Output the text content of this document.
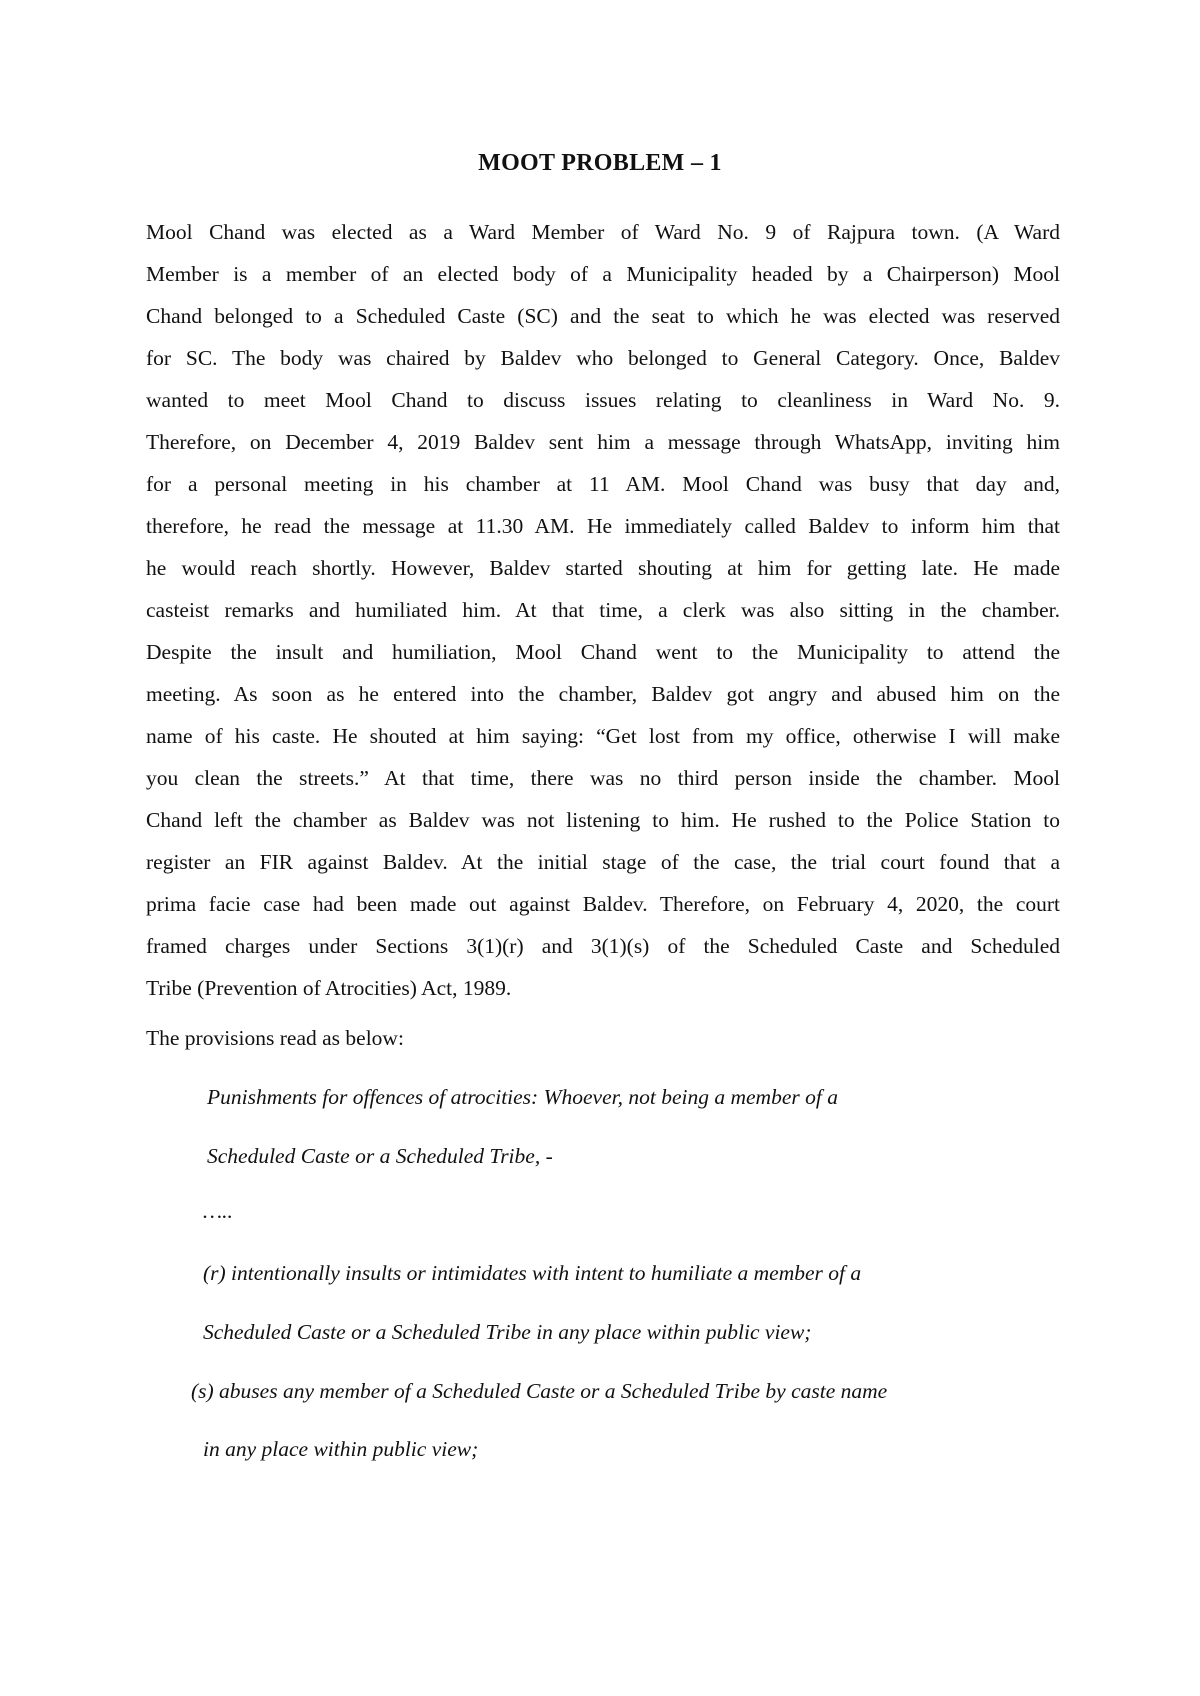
MOOT PROBLEM – 1
Mool Chand was elected as a Ward Member of Ward No. 9 of Rajpura town. (A Ward
Member is a member of an elected body of a Municipality headed by a Chairperson) Mool
Chand belonged to a Scheduled Caste (SC) and the seat to which he was elected was reserved
for SC. The body was chaired by Baldev who belonged to General Category. Once, Baldev
wanted to meet Mool Chand to discuss issues relating to cleanliness in Ward No. 9.
Therefore, on December 4, 2019 Baldev sent him a message through WhatsApp, inviting him
for a personal meeting in his chamber at 11 AM. Mool Chand was busy that day and,
therefore, he read the message at 11.30 AM. He immediately called Baldev to inform him that
he would reach shortly. However, Baldev started shouting at him for getting late. He made
casteist remarks and humiliated him. At that time, a clerk was also sitting in the chamber.
Despite the insult and humiliation, Mool Chand went to the Municipality to attend the
meeting. As soon as he entered into the chamber, Baldev got angry and abused him on the
name of his caste. He shouted at him saying: “Get lost from my office, otherwise I will make
you clean the streets.” At that time, there was no third person inside the chamber. Mool
Chand left the chamber as Baldev was not listening to him. He rushed to the Police Station to
register an FIR against Baldev. At the initial stage of the case, the trial court found that a
prima facie case had been made out against Baldev. Therefore, on February 4, 2020, the court
framed charges under Sections 3(1)(r) and 3(1)(s) of the Scheduled Caste and Scheduled
Tribe (Prevention of Atrocities) Act, 1989.
The provisions read as below:
Punishments for offences of atrocities: Whoever, not being a member of a
Scheduled Caste or a Scheduled Tribe, -
…..
(r) intentionally insults or intimidates with intent to humiliate a member of a
Scheduled Caste or a Scheduled Tribe in any place within public view;
(s) abuses any member of a Scheduled Caste or a Scheduled Tribe by caste name
in any place within public view;
